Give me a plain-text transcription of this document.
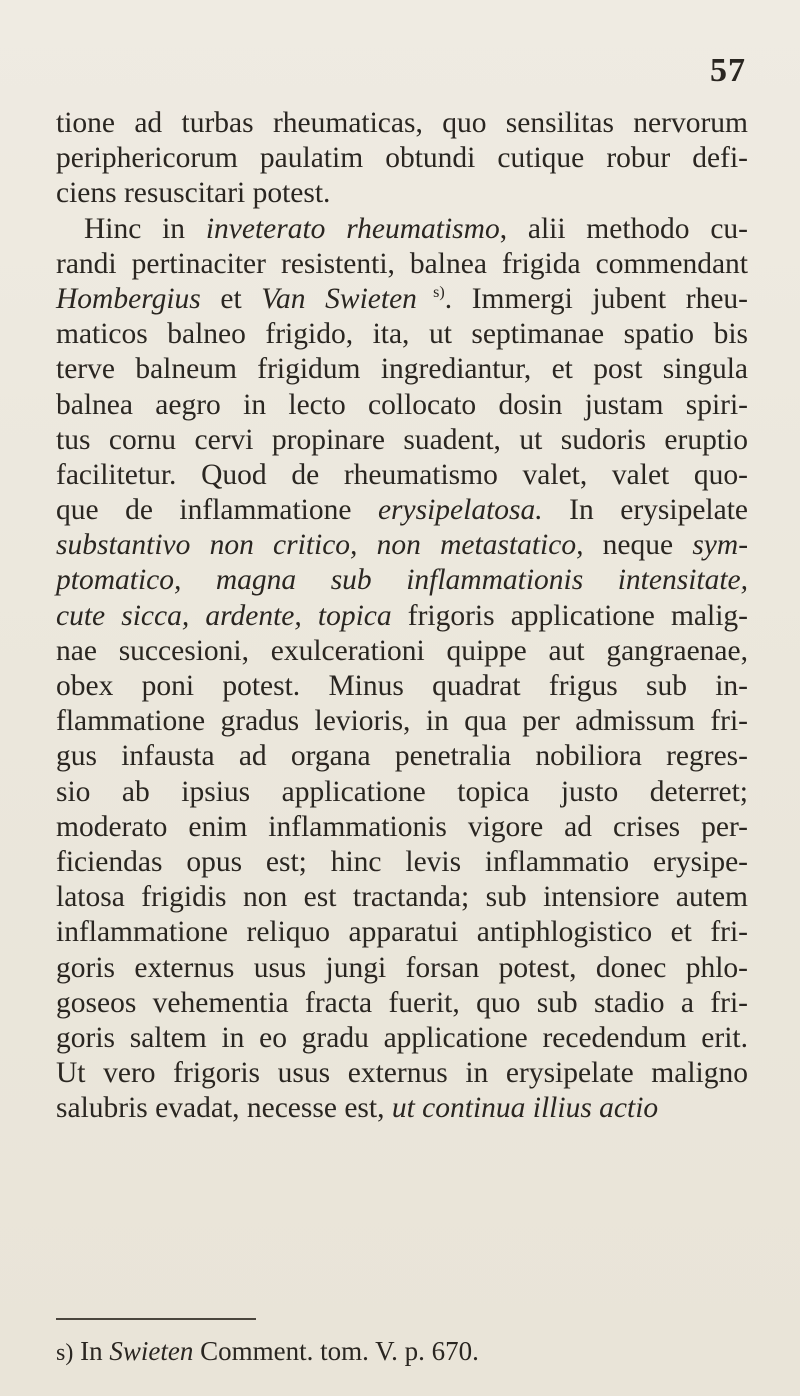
57
tione ad turbas rheumaticas, quo sensilitas nervorum
periphericorum paulatim obtundi cutique robur defi-
ciens resuscitari potest.
Hinc in inveterato rheumatismo, alii methodo cu-
randi pertinaciter resistenti, balnea frigida commendant
Hombergius et Van Swieten $^{s)}$. Immergi jubent rheu-
maticos balneo frigido, ita, ut septimanae spatio bis
terve balneum frigidum ingrediantur, et post singula
balnea aegro in lecto collocato dosin justam spiri-
tus cornu cervi propinare suadent, ut sudoris eruptio
facilitetur. Quod de rheumatismo valet, valet quo-
que de inflammatione erysipelatosa. In erysipelate
substantivo non critico, non metastatico, neque sym-
ptomatico, magna sub inflammationis intensitate,
cute sicca, ardente, topica frigoris applicatione malig-
nae succesioni, exulcerationi quippe aut gangraenae,
obex poni potest. Minus quadrat frigus sub in-
flammatione gradus levioris, in qua per admissum fri-
gus infausta ad organa penetralia nobiliora regres-
sio ab ipsius applicatione topica justo deterret;
moderato enim inflammationis vigore ad crises per-
ficiendas opus est; hinc levis inflammatio erysipe-
latosa frigidis non est tractanda; sub intensiore autem
inflammatione reliquo apparatui antiphlogistico et fri-
goris externus usus jungi forsan potest, donec phlo-
goseos vehementia fracta fuerit, quo sub stadio a fri-
goris saltem in eo gradu applicatione recedendum erit.
Ut vero frigoris usus externus in erysipelate maligno
salubris evadat, necesse est, ut continua illius actio
s) In Swieten Comment. tom. V. p. 670.
